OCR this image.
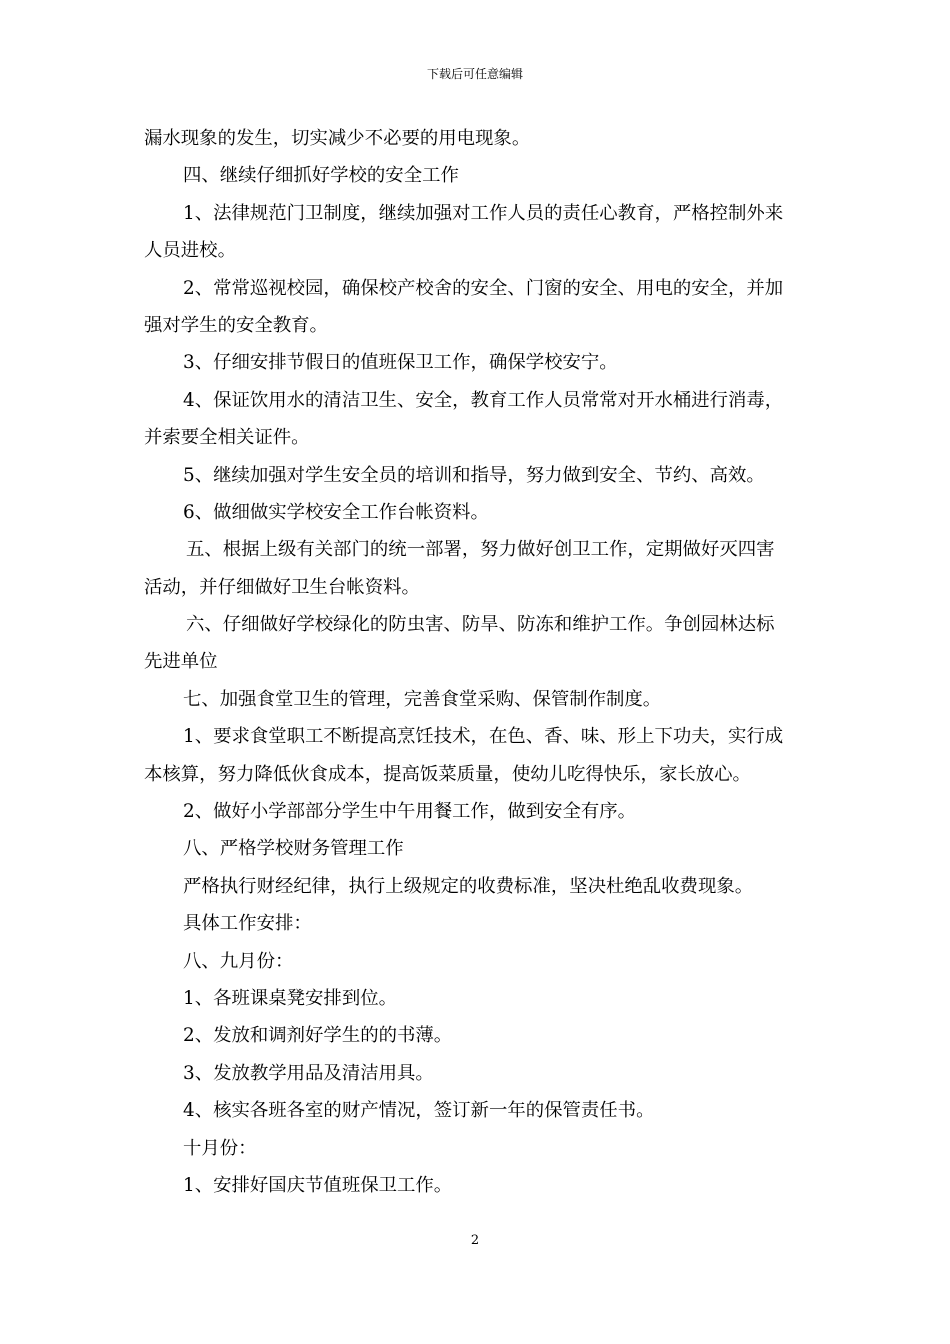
下载后可任意编辑

漏水现象的发生，切实减少不必要的用电现象。

四、继续仔细抓好学校的安全工作

1、法律规范门卫制度，继续加强对工作人员的责任心教育，严格控制外来

人员进校。

2、常常巡视校园，确保校产校舍的安全、门窗的安全、用电的安全，并加

强对学生的安全教育。

3、仔细安排节假日的值班保卫工作，确保学校安宁。

4、保证饮用水的清洁卫生、安全，教育工作人员常常对开水桶进行消毒，

并索要全相关证件。

5、继续加强对学生安全员的培训和指导，努力做到安全、节约、高效。

6、做细做实学校安全工作台帐资料。

五、根据上级有关部门的统一部署，努力做好创卫工作，定期做好灭四害

活动，并仔细做好卫生台帐资料。

六、仔细做好学校绿化的防虫害、防旱、防冻和维护工作。争创园林达标

先进单位

七、加强食堂卫生的管理，完善食堂采购、保管制作制度。

1、要求食堂职工不断提高烹饪技术，在色、香、味、形上下功夫，实行成

本核算，努力降低伙食成本，提高饭菜质量，使幼儿吃得快乐，家长放心。

2、做好小学部部分学生中午用餐工作，做到安全有序。

八、严格学校财务管理工作

严格执行财经纪律，执行上级规定的收费标准，坚决杜绝乱收费现象。

具体工作安排：

八、九月份：

1、各班课桌凳安排到位。

2、发放和调剂好学生的的书薄。

3、发放教学用品及清洁用具。

4、核实各班各室的财产情况，签订新一年的保管责任书。

十月份：

1、安排好国庆节值班保卫工作。

2
